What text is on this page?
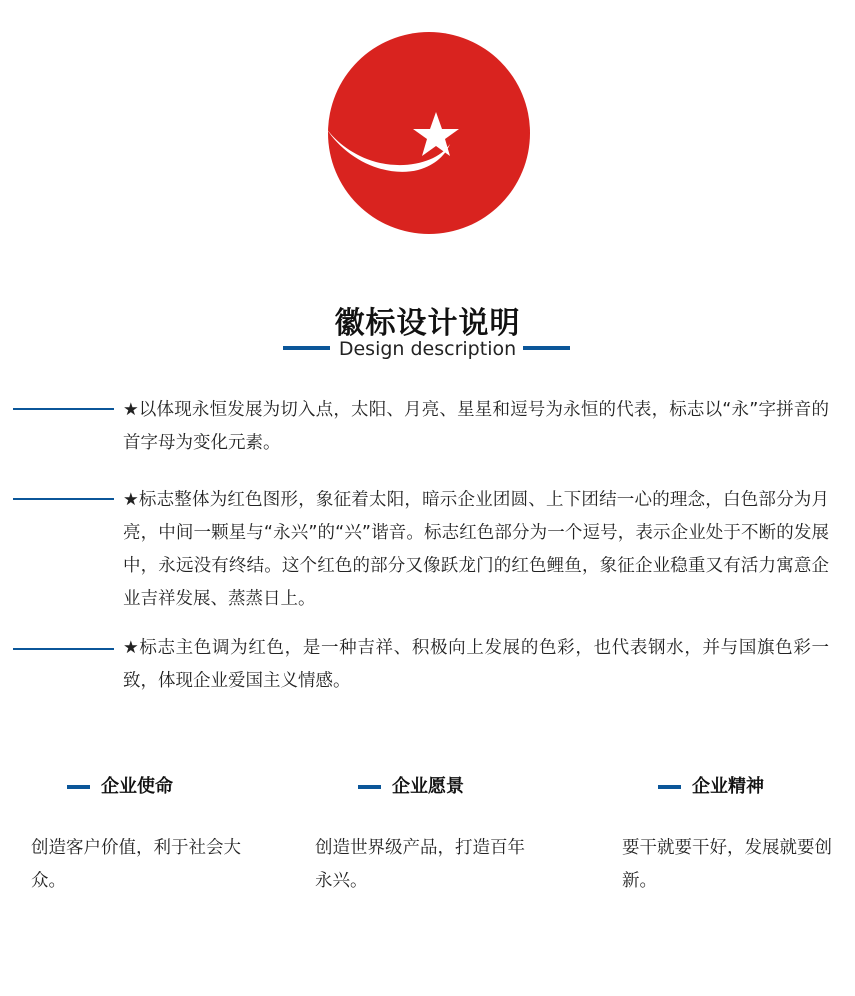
徽标设计说明
Design description
★以体现永恒发展为切入点，太阳、月亮、星星和逗号为永恒的代表，标志以“永”字拼音的首字母为变化元素。
★标志整体为红色图形，象征着太阳，暗示企业团圆、上下团结一心的理念，白色部分为月亮，中间一颗星与“永兴”的“兴”谐音。标志红色部分为一个逗号，表示企业处于不断的发展中，永远没有终结。这个红色的部分又像跃龙门的红色鲤鱼，象征企业稳重又有活力寓意企业吉祥发展、蒸蒸日上。
★标志主色调为红色，是一种吉祥、积极向上发展的色彩，也代表钢水，并与国旗色彩一致，体现企业爱国主义情感。
企业使命
创造客户价值，利于社会大众。
企业愿景
创造世界级产品，打造百年永兴。
企业精神
要干就要干好，发展就要创新。
